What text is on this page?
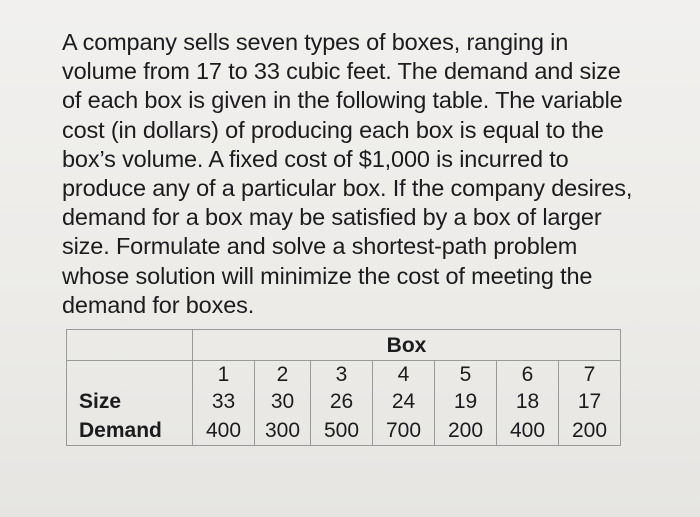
A company sells seven types of boxes, ranging in
volume from 17 to 33 cubic feet. The demand and size
of each box is given in the following table. The variable
cost (in dollars) of producing each box is equal to the
box’s volume. A fixed cost of $1,000 is incurred to
produce any of a particular box. If the company desires,
demand for a box may be satisfied by a box of larger
size. Formulate and solve a shortest-path problem
whose solution will minimize the cost of meeting the
demand for boxes.
	Box						
	1	2	3	4	5	6	7
Size	33	30	26	24	19	18	17
Demand	400	300	500	700	200	400	200
